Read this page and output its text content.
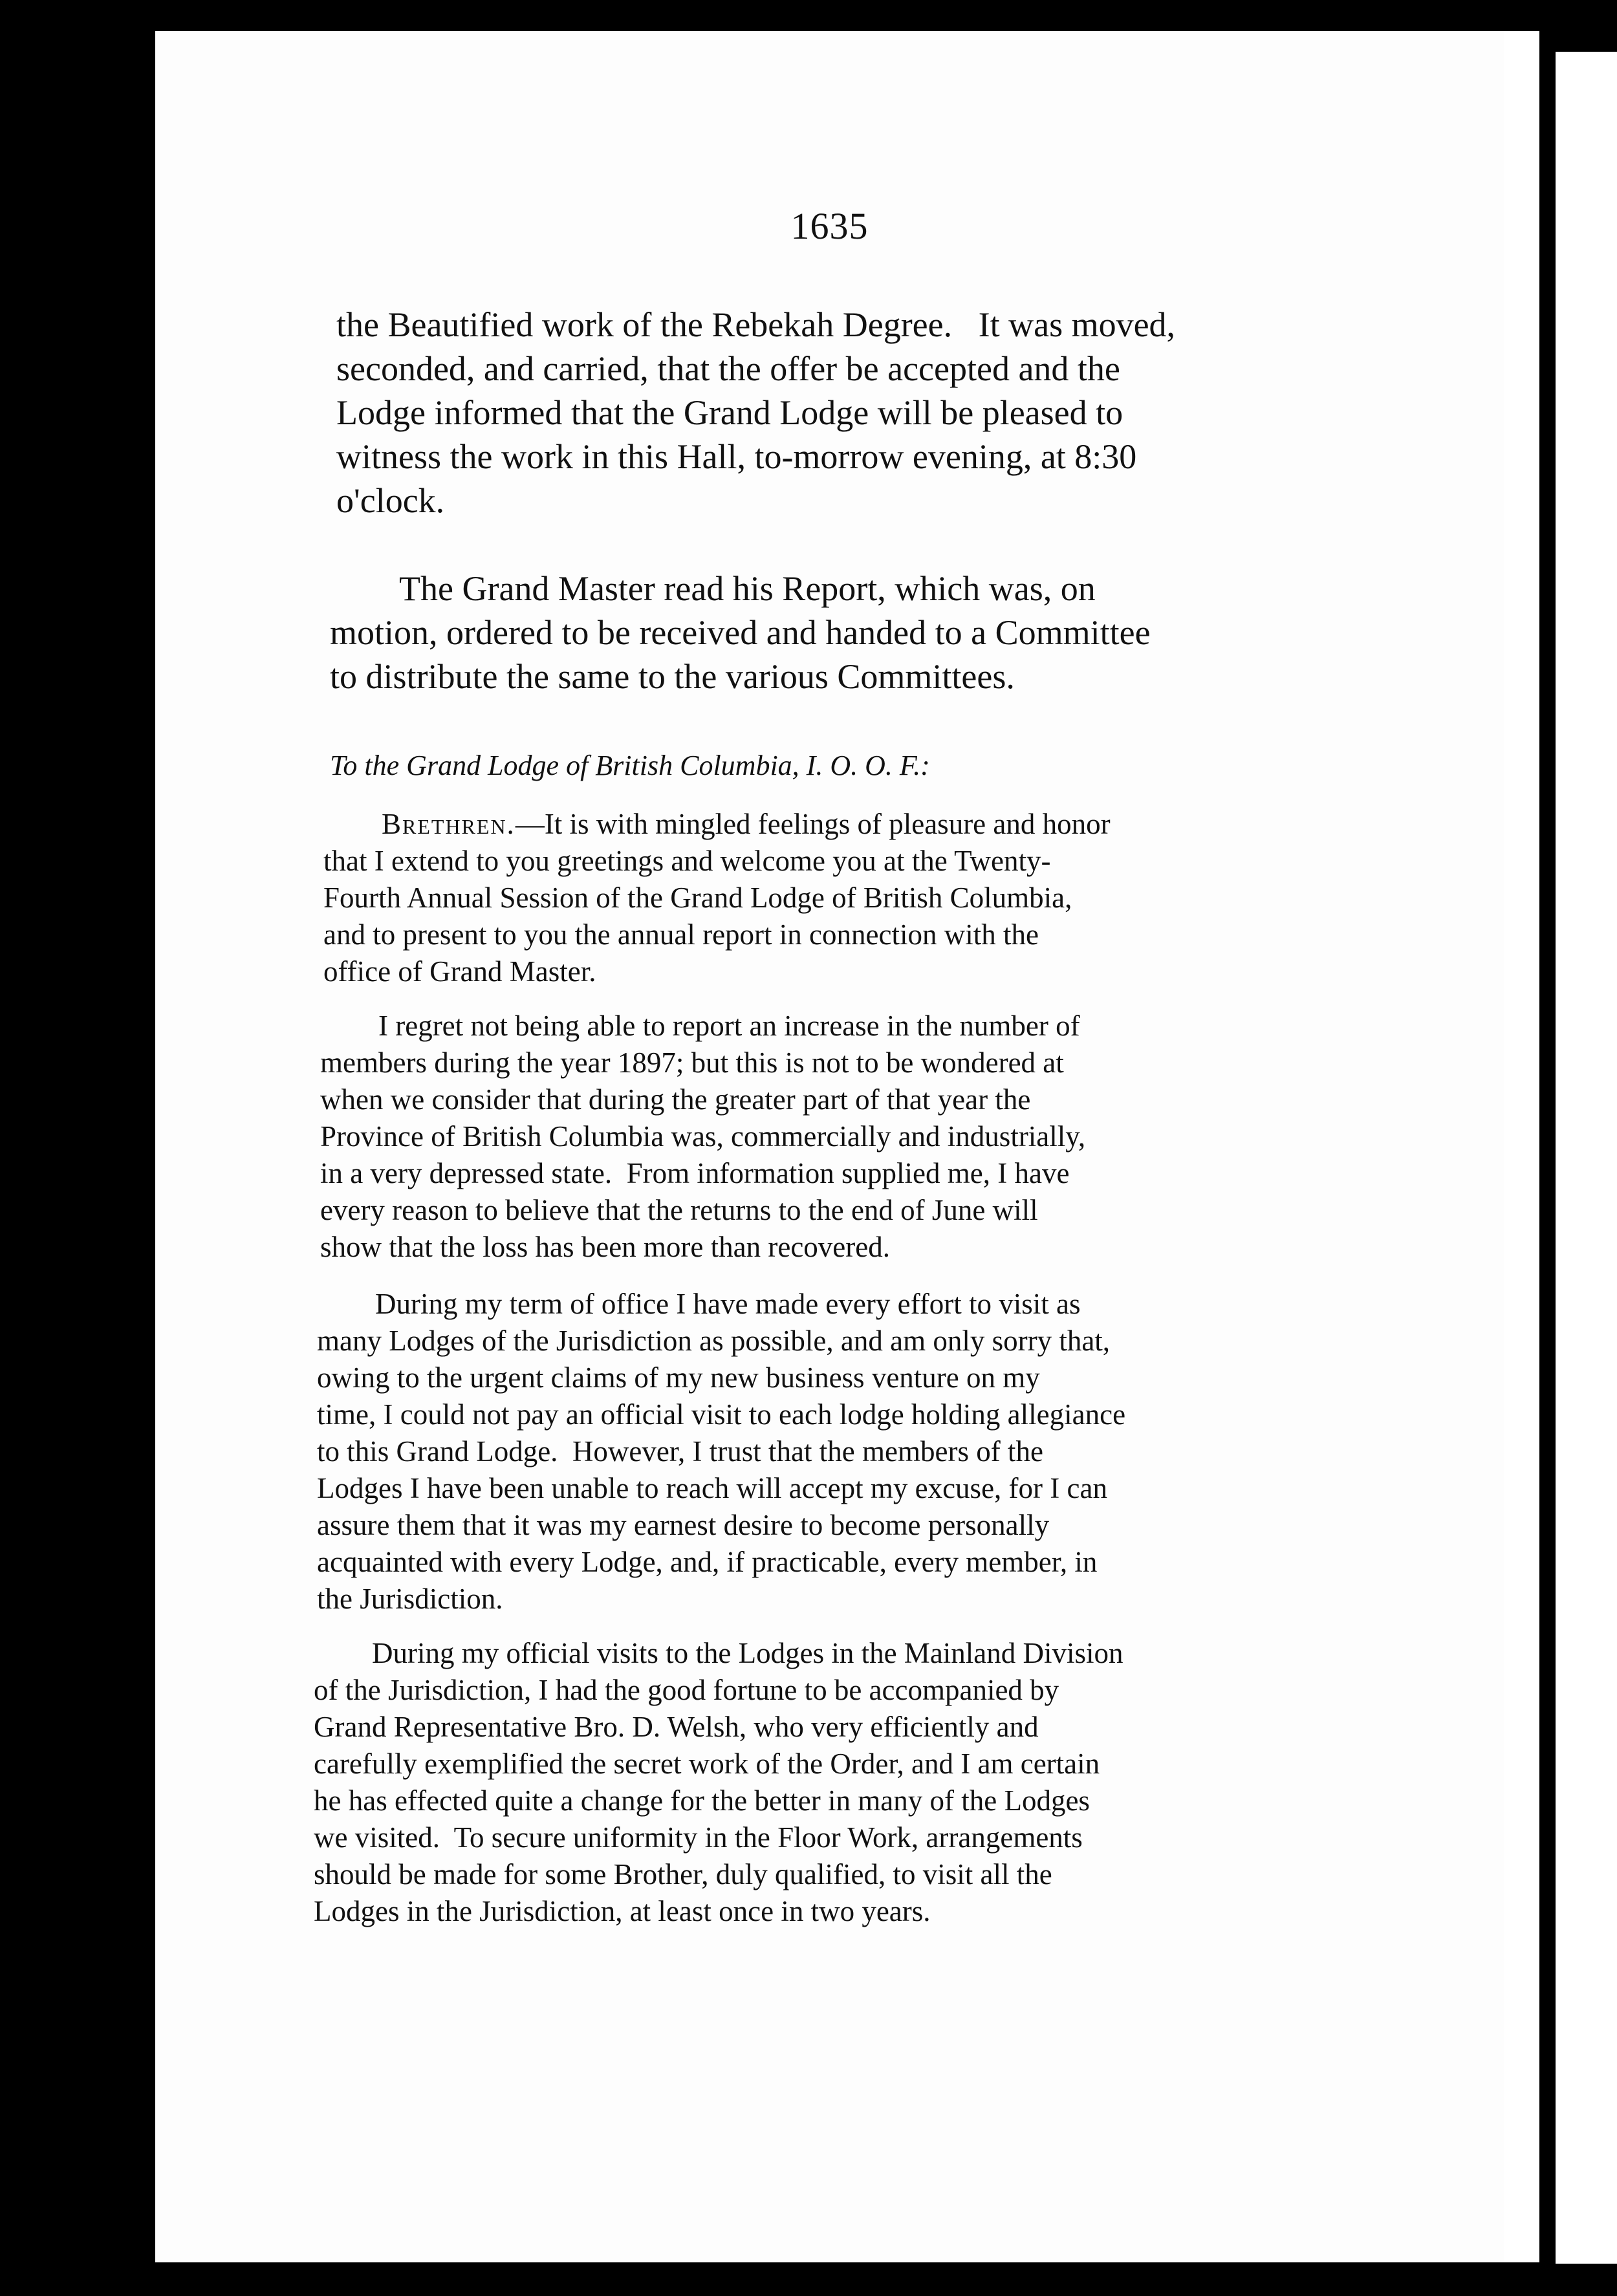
1635
the Beautified work of the Rebekah Degree.   It was moved,
seconded, and carried, that the offer be accepted and the
Lodge informed that the Grand Lodge will be pleased to
witness the work in this Hall, to-morrow evening, at 8:30
o'clock.
The Grand Master read his Report, which was, on
motion, ordered to be received and handed to a Committee
to distribute the same to the various Committees.
To the Grand Lodge of British Columbia, I. O. O. F.:
Brethren.—It is with mingled feelings of pleasure and honor
that I extend to you greetings and welcome you at the Twenty-
Fourth Annual Session of the Grand Lodge of British Columbia,
and to present to you the annual report in connection with the
office of Grand Master.
I regret not being able to report an increase in the number of
members during the year 1897; but this is not to be wondered at
when we consider that during the greater part of that year the
Province of British Columbia was, commercially and industrially,
in a very depressed state.  From information supplied me, I have
every reason to believe that the returns to the end of June will
show that the loss has been more than recovered.
During my term of office I have made every effort to visit as
many Lodges of the Jurisdiction as possible, and am only sorry that,
owing to the urgent claims of my new business venture on my
time, I could not pay an official visit to each lodge holding allegiance
to this Grand Lodge.  However, I trust that the members of the
Lodges I have been unable to reach will accept my excuse, for I can
assure them that it was my earnest desire to become personally
acquainted with every Lodge, and, if practicable, every member, in
the Jurisdiction.
During my official visits to the Lodges in the Mainland Division
of the Jurisdiction, I had the good fortune to be accompanied by
Grand Representative Bro. D. Welsh, who very efficiently and
carefully exemplified the secret work of the Order, and I am certain
he has effected quite a change for the better in many of the Lodges
we visited.  To secure uniformity in the Floor Work, arrangements
should be made for some Brother, duly qualified, to visit all the
Lodges in the Jurisdiction, at least once in two years.
